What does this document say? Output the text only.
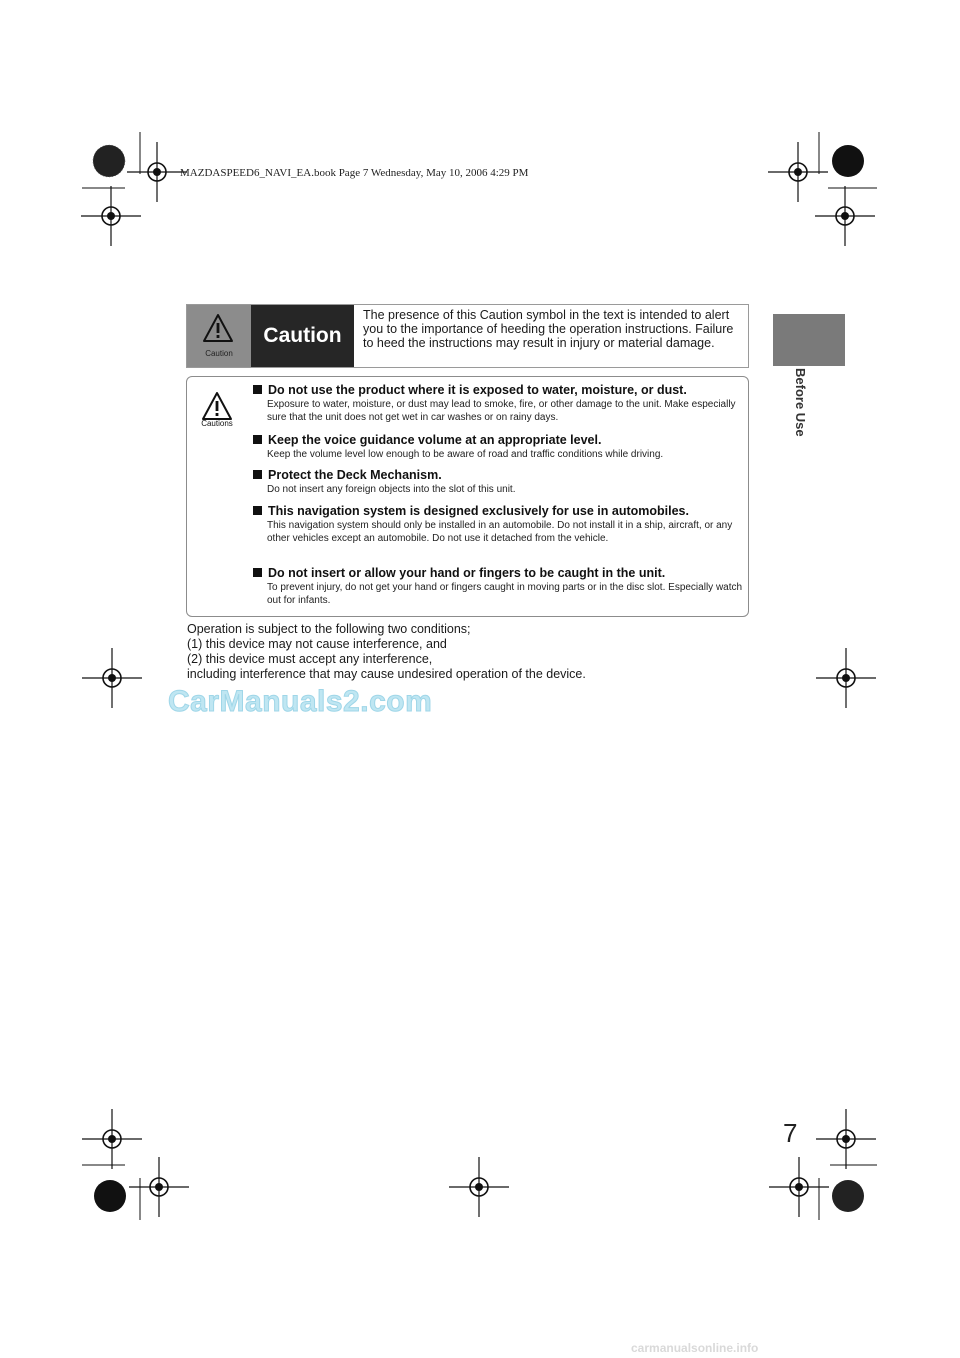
MAZDASPEED6_NAVI_EA.book Page 7 Wednesday, May 10, 2006 4:29 PM
Before Use
Caution
Caution
The presence of this Caution symbol in the text is intended to alert you to the importance of heeding the operation instructions. Failure to heed the instructions may result in injury or material damage.
Cautions
Do not use the product where it is exposed to water, moisture, or dust.
Exposure to water, moisture, or dust may lead to smoke, fire, or other damage to the unit. Make especially sure that the unit does not get wet in car washes or on rainy days.
Keep the voice guidance volume at an appropriate level.
Keep the volume level low enough to be aware of road and traffic conditions while driving.
Protect the Deck Mechanism.
Do not insert any foreign objects into the slot of this unit.
This navigation system is designed exclusively for use in automobiles.
This navigation system should only be installed in an automobile. Do not install it in a ship, aircraft, or any other vehicles except an automobile. Do not use it detached from the vehicle.
Do not insert or allow your hand or fingers to be caught in the unit.
To prevent injury, do not get your hand or fingers caught in moving parts or in the disc slot. Especially watch out for infants.
Operation is subject to the following two conditions;
(1) this device may not cause interference, and
(2) this device must accept any interference,
including interference that may cause undesired operation of the device.
CarManuals2.com
carmanualsonline.info
7
